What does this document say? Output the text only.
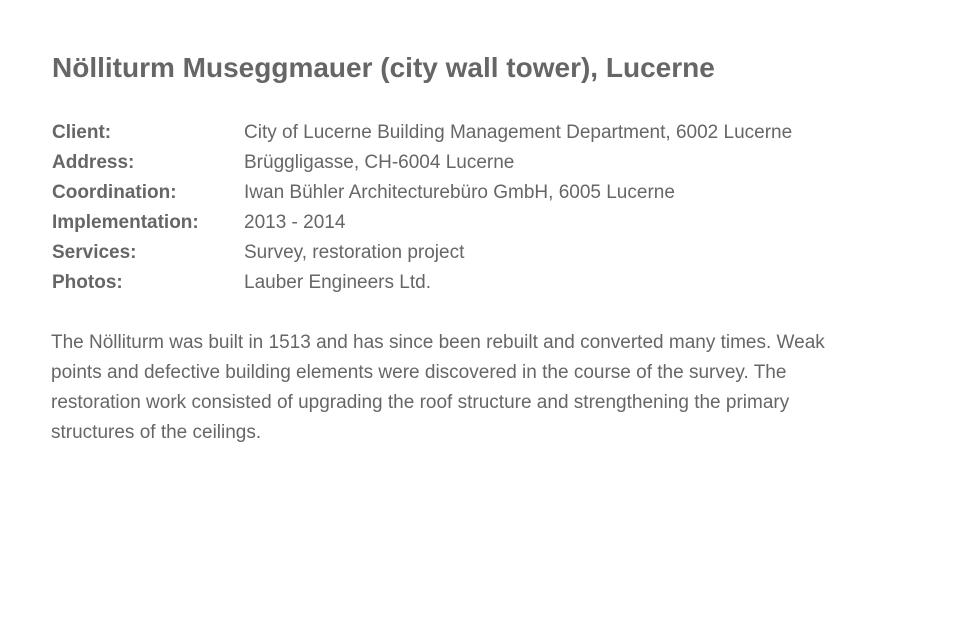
Nölliturm Museggmauer (city wall tower), Lucerne
Client:	City of Lucerne Building Management Department, 6002 Lucerne
Address:	Brüggligasse, CH-6004 Lucerne
Coordination:	Iwan Bühler Architecturebüro GmbH, 6005 Lucerne
Implementation:	2013 - 2014
Services:	Survey, restoration project
Photos:	Lauber Engineers Ltd.

The Nölliturm was built in 1513 and has since been rebuilt and converted many times. Weak points and defective building elements were discovered in the course of the survey. The restoration work consisted of upgrading the roof structure and strengthening the primary structures of the ceilings.
